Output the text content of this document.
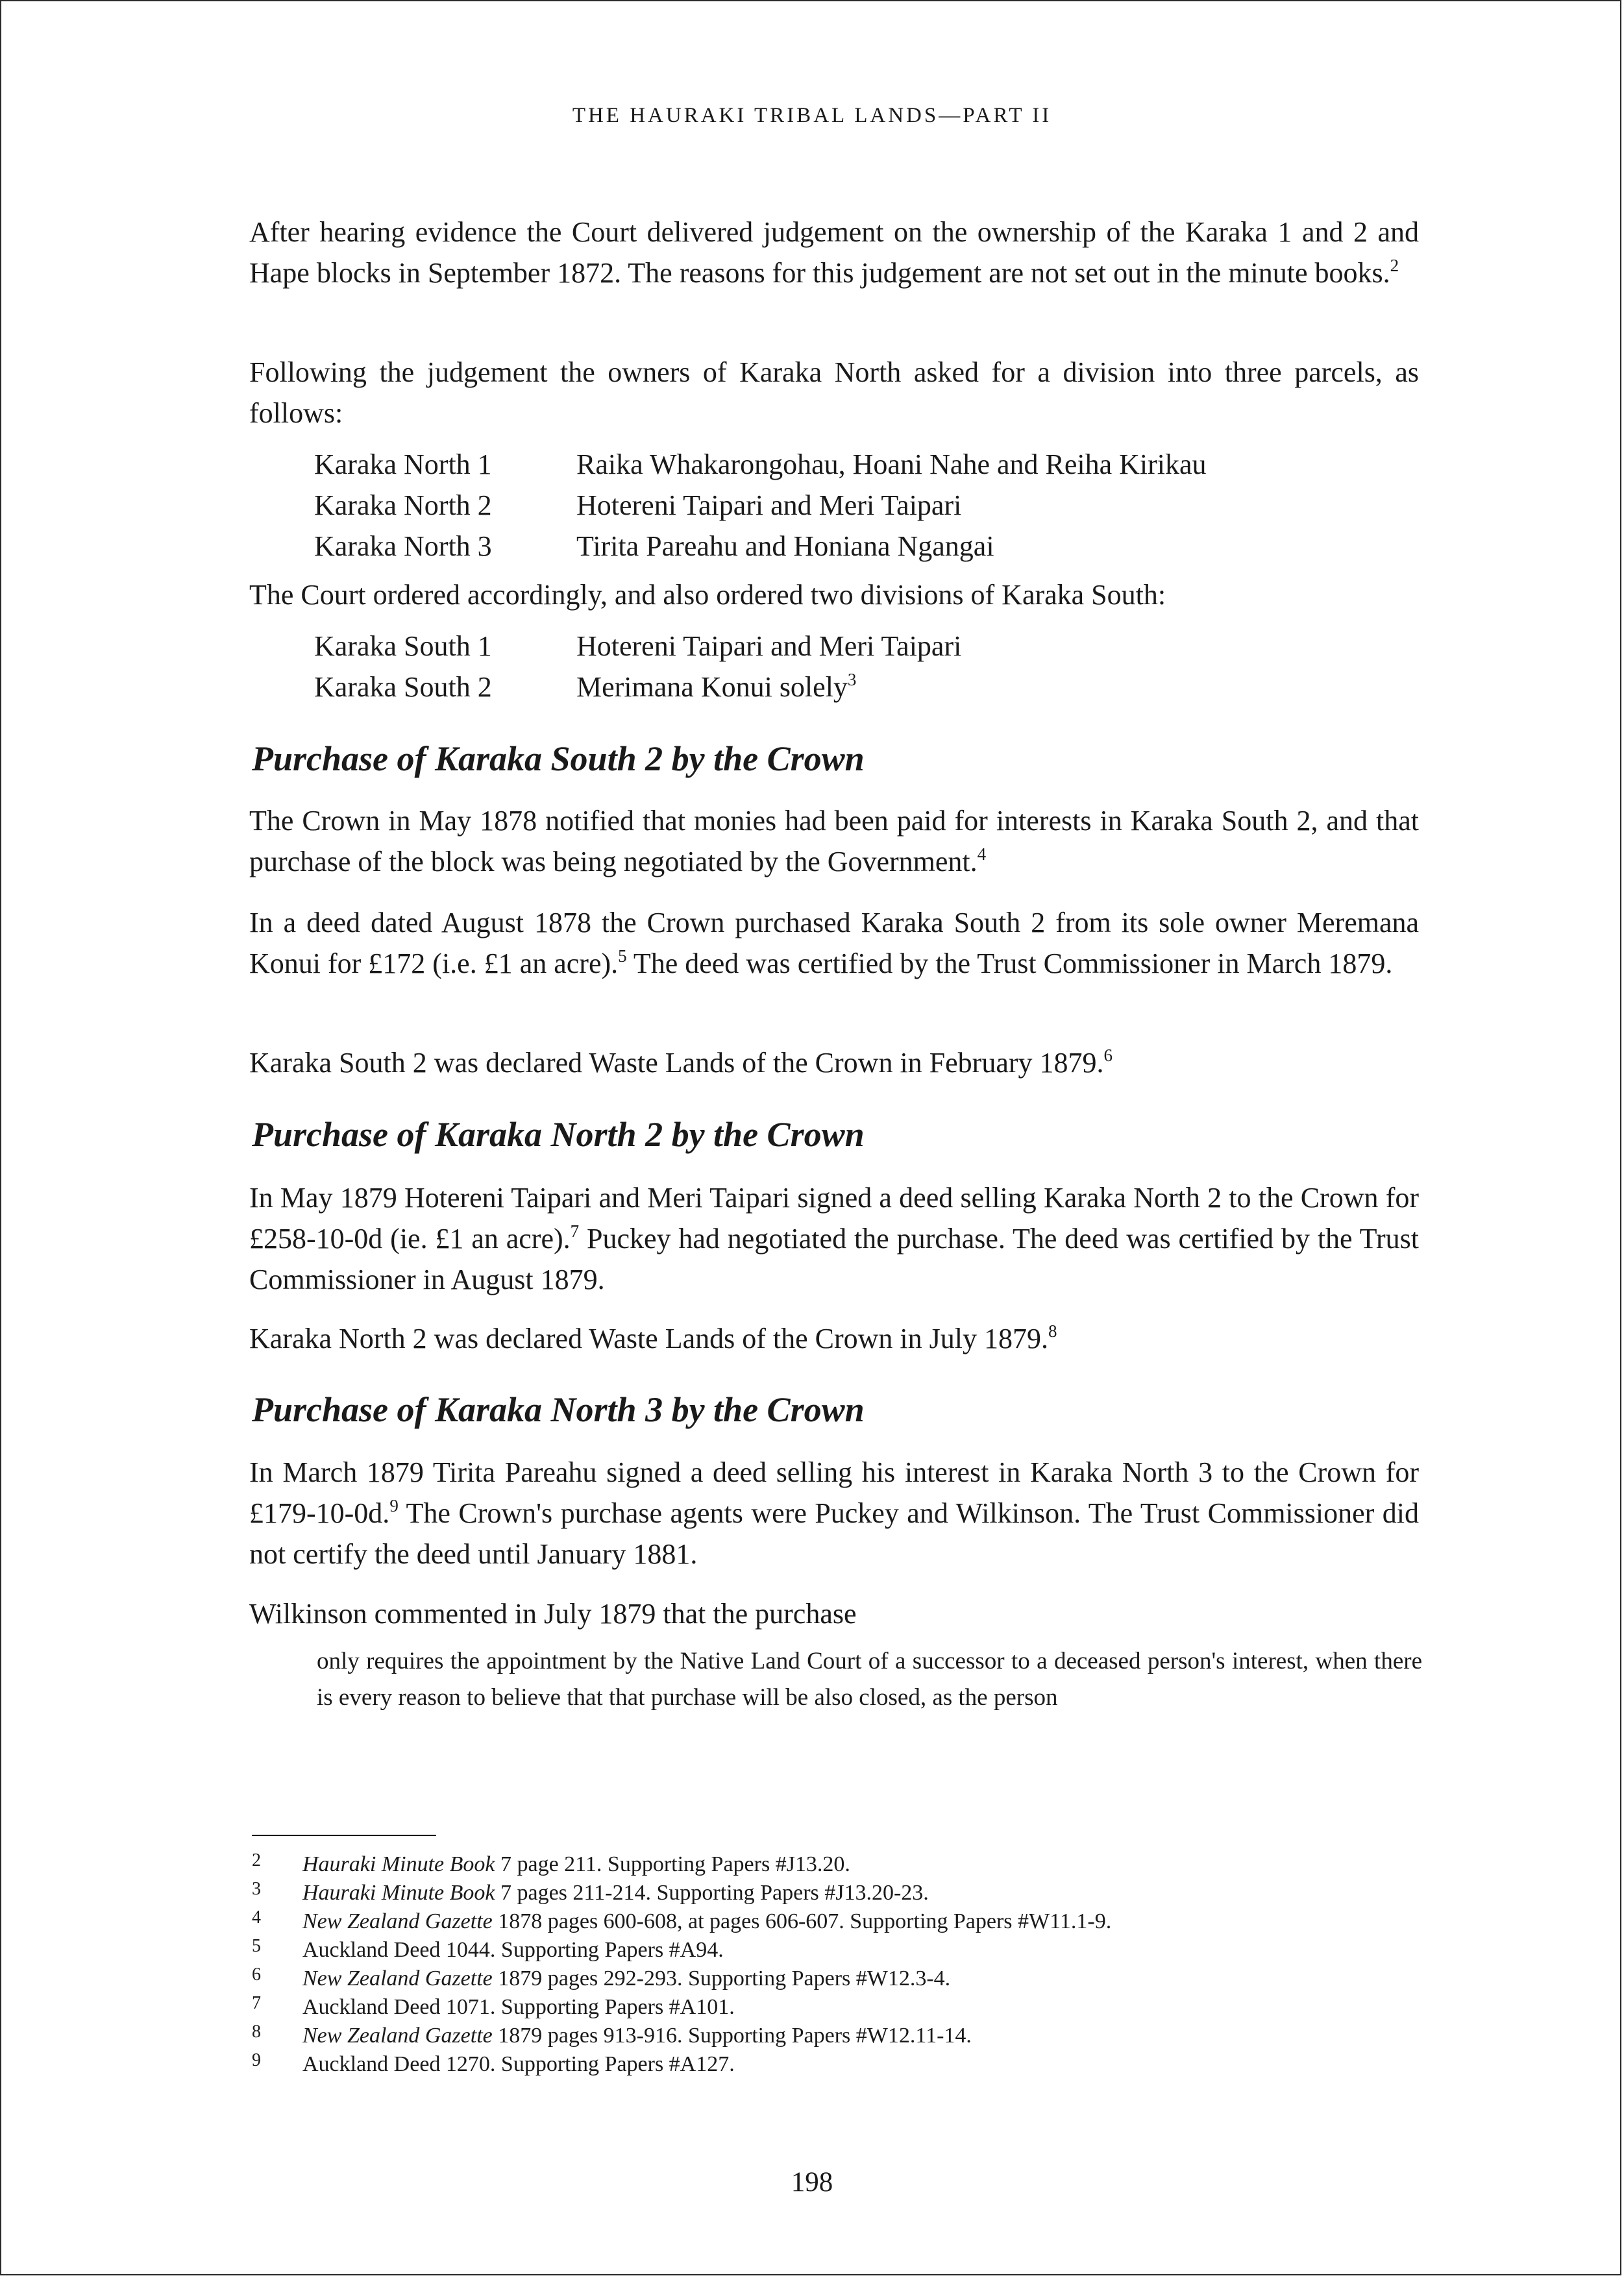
THE HAURAKI TRIBAL LANDS—PART II

After hearing evidence the Court delivered judgement on the ownership of the Karaka 1 and 2 and Hape blocks in September 1872. The reasons for this judgement are not set out in the minute books.$^2$

Following the judgement the owners of Karaka North asked for a division into three parcels, as follows:

Karaka North 1	Raika Whakarongohau, Hoani Nahe and Reiha Kirikau
Karaka North 2	Hotereni Taipari and Meri Taipari
Karaka North 3	Tirita Pareahu and Honiana Ngangai

The Court ordered accordingly, and also ordered two divisions of Karaka South:

Karaka South 1	Hotereni Taipari and Meri Taipari
Karaka South 2	Merimana Konui solely$^3$
Purchase of Karaka South 2 by the Crown

The Crown in May 1878 notified that monies had been paid for interests in Karaka South 2, and that purchase of the block was being negotiated by the Government.$^4$

In a deed dated August 1878 the Crown purchased Karaka South 2 from its sole owner Meremana Konui for £172 (i.e. £1 an acre).$^5$ The deed was certified by the Trust Commissioner in March 1879.

Karaka South 2 was declared Waste Lands of the Crown in February 1879.$^6$

Purchase of Karaka North 2 by the Crown

In May 1879 Hotereni Taipari and Meri Taipari signed a deed selling Karaka North 2 to the Crown for £258-10-0d (ie. £1 an acre).$^7$ Puckey had negotiated the purchase. The deed was certified by the Trust Commissioner in August 1879.

Karaka North 2 was declared Waste Lands of the Crown in July 1879.$^8$

Purchase of Karaka North 3 by the Crown

In March 1879 Tirita Pareahu signed a deed selling his interest in Karaka North 3 to the Crown for £179-10-0d.$^9$ The Crown's purchase agents were Puckey and Wilkinson. The Trust Commissioner did not certify the deed until January 1881.

Wilkinson commented in July 1879 that the purchase

only requires the appointment by the Native Land Court of a successor to a deceased person's interest, when there is every reason to believe that that purchase will be also closed, as the person

2 Hauraki Minute Book 7 page 211. Supporting Papers #J13.20.
3 Hauraki Minute Book 7 pages 211-214. Supporting Papers #J13.20-23.
4 New Zealand Gazette 1878 pages 600-608, at pages 606-607. Supporting Papers #W11.1-9.
5 Auckland Deed 1044. Supporting Papers #A94.
6 New Zealand Gazette 1879 pages 292-293. Supporting Papers #W12.3-4.
7 Auckland Deed 1071. Supporting Papers #A101.
8 New Zealand Gazette 1879 pages 913-916. Supporting Papers #W12.11-14.
9 Auckland Deed 1270. Supporting Papers #A127.
198
